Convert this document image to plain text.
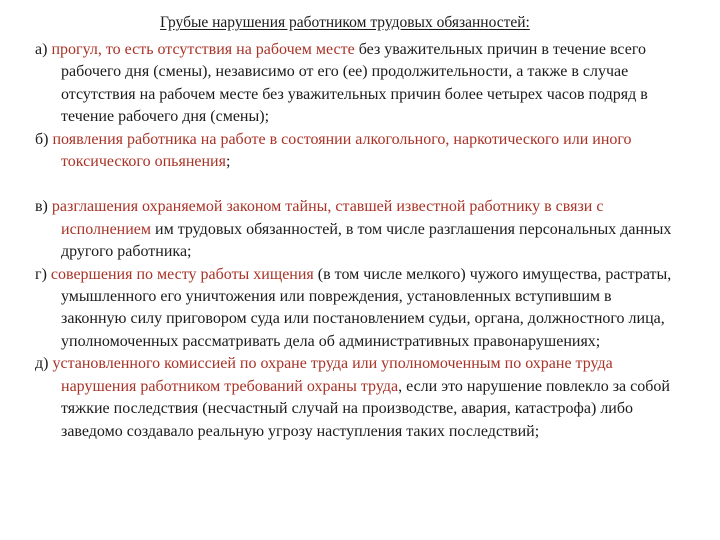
Грубые нарушения работником трудовых обязанностей:

а) прогул, то есть отсутствия на рабочем месте без уважительных причин в течение всего рабочего дня (смены), независимо от его (ее) продолжительности, а также в случае отсутствия на рабочем месте без уважительных причин более четырех часов подряд в течение рабочего дня (смены);

б) появления работника на работе в состоянии алкогольного, наркотического или иного токсического опьянения;

в) разглашения охраняемой законом тайны, ставшей известной работнику в связи с исполнением им трудовых обязанностей, в том числе разглашения персональных данных другого работника;

г) совершения по месту работы хищения (в том числе мелкого) чужого имущества, растраты, умышленного его уничтожения или повреждения, установленных вступившим в законную силу приговором суда или постановлением судьи, органа, должностного лица, уполномоченных рассматривать дела об административных правонарушениях;

д) установленного комиссией по охране труда или уполномоченным по охране труда нарушения работником требований охраны труда, если это нарушение повлекло за собой тяжкие последствия (несчастный случай на производстве, авария, катастрофа) либо заведомо создавало реальную угрозу наступления таких последствий;
